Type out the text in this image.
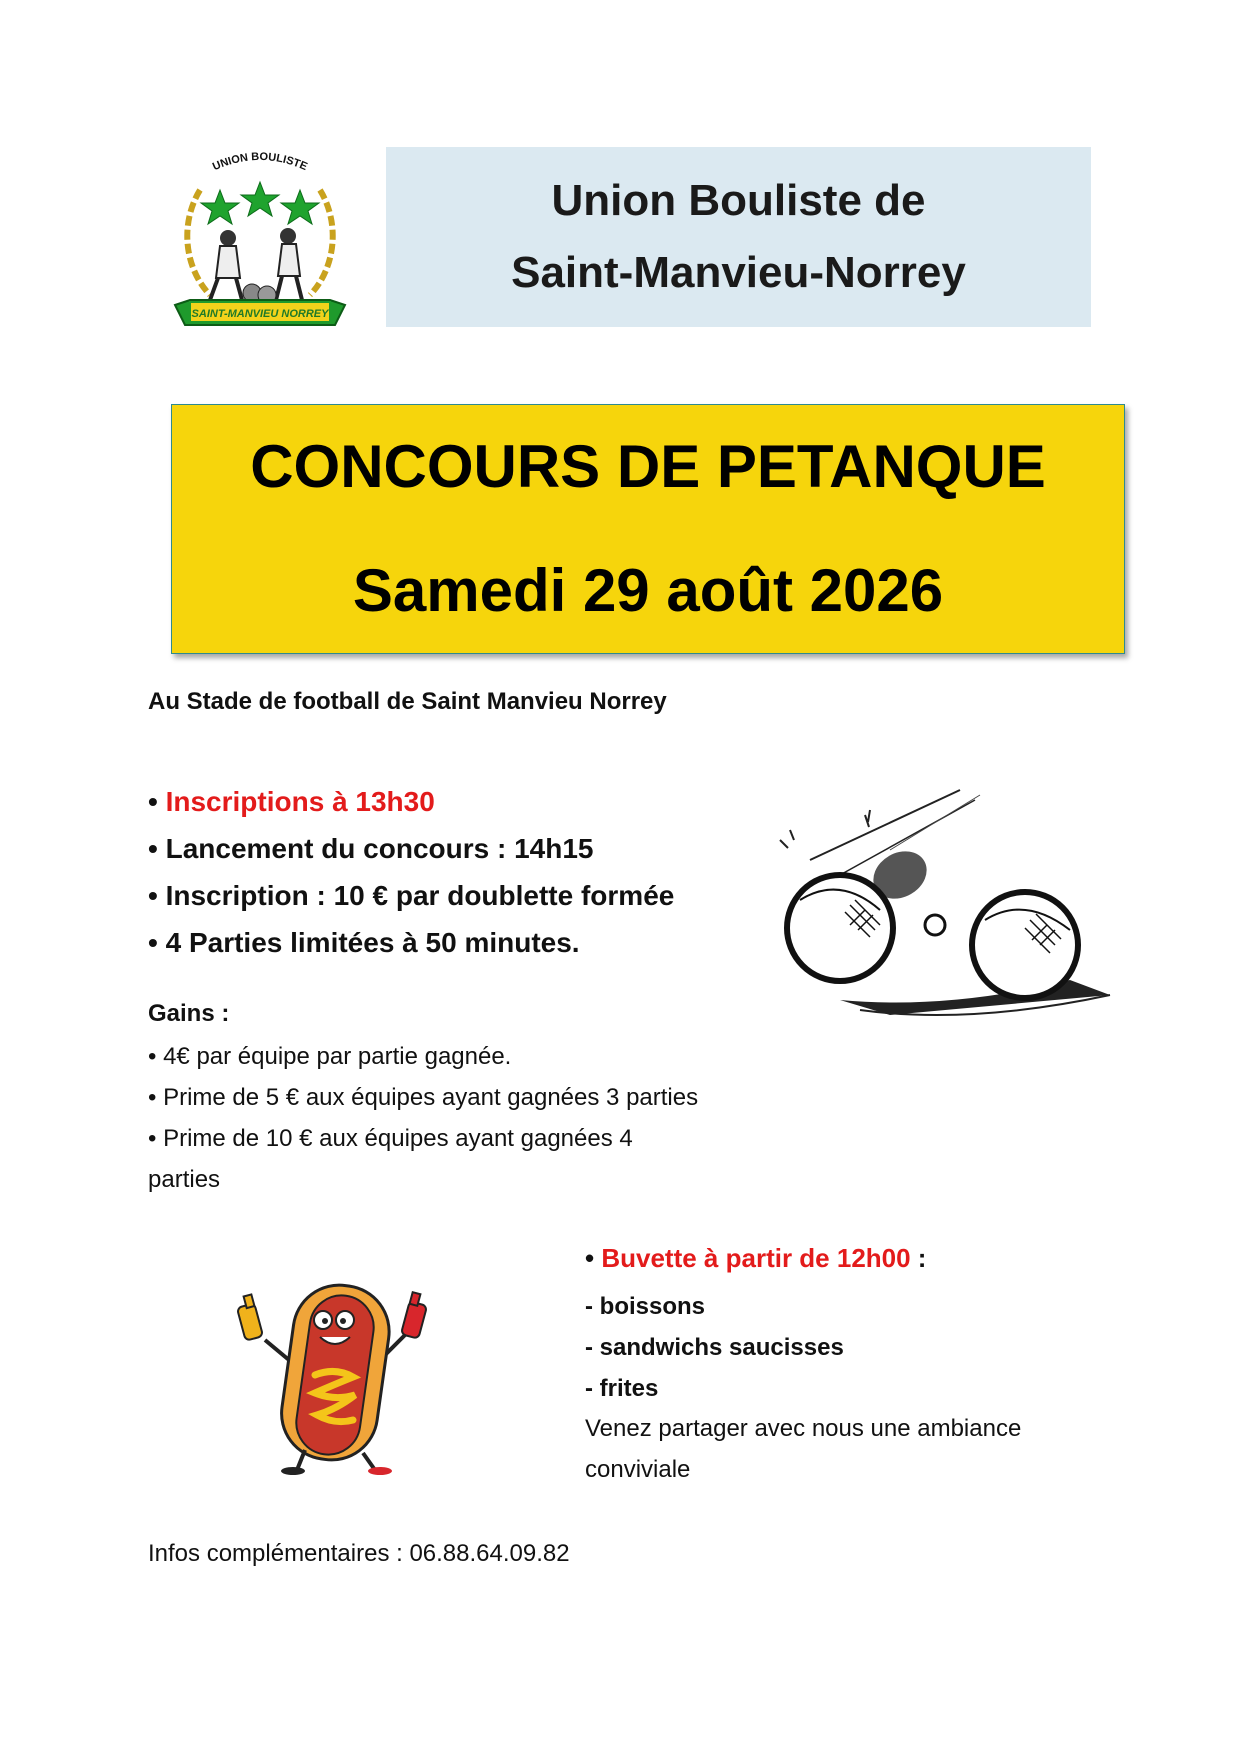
UNION BOULISTE
SAINT-MANVIEU NORREY
Union Bouliste de
Saint-Manvieu-Norrey
CONCOURS DE PETANQUE
Samedi 29 août 2026
Au Stade de football de Saint Manvieu Norrey
• Inscriptions à 13h30
• Lancement du concours : 14h15
• Inscription : 10 € par doublette formée
• 4 Parties limitées à 50 minutes.
Gains :
• 4€ par équipe par partie gagnée.
• Prime de 5 € aux équipes ayant gagnées 3 parties
• Prime de 10 € aux équipes ayant gagnées 4
parties
• Buvette à partir de 12h00 :
- boissons
- sandwichs saucisses
- frites
Venez partager avec nous une ambiance
conviviale
Infos complémentaires : 06.88.64.09.82
